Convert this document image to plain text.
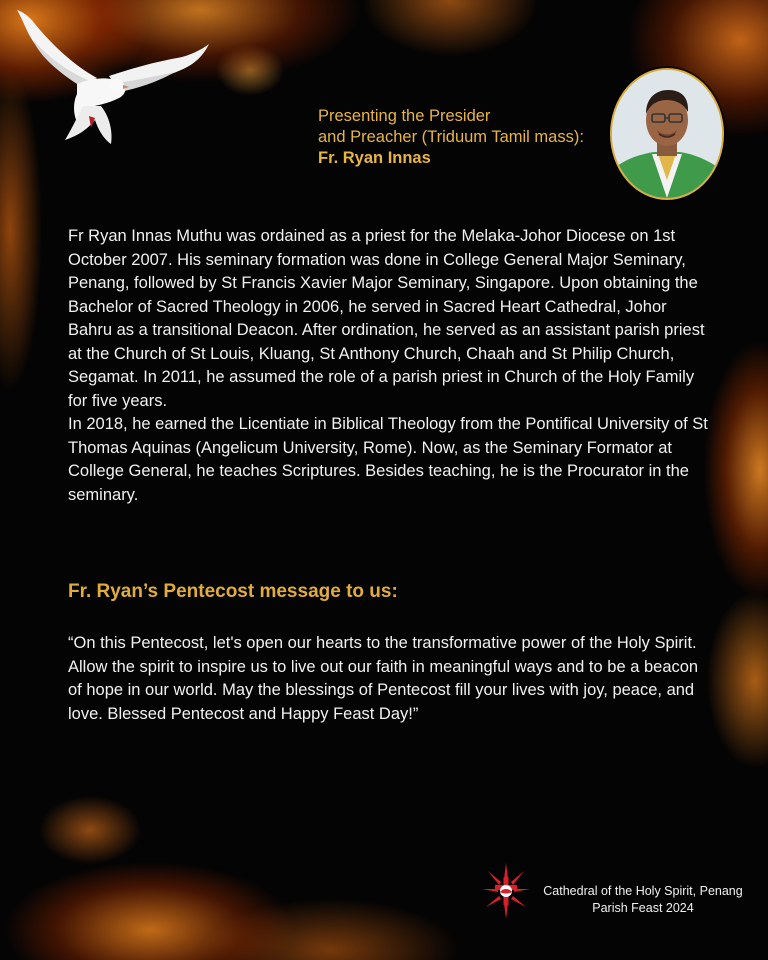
Presenting the Presider
and Preacher (Triduum Tamil mass):
Fr. Ryan Innas

Fr Ryan Innas Muthu was ordained as a priest for the Melaka-Johor Diocese on 1st October 2007. His seminary formation was done in College General Major Seminary, Penang, followed by St Francis Xavier Major Seminary, Singapore. Upon obtaining the Bachelor of Sacred Theology in 2006, he served in Sacred Heart Cathedral, Johor Bahru as a transitional Deacon. After ordination, he served as an assistant parish priest at the Church of St Louis, Kluang, St Anthony Church, Chaah and St Philip Church, Segamat. In 2011, he assumed the role of a parish priest in Church of the Holy Family for five years.

In 2018, he earned the Licentiate in Biblical Theology from the Pontifical University of St Thomas Aquinas (Angelicum University, Rome). Now, as the Seminary Formator at College General, he teaches Scriptures. Besides teaching, he is the Procurator in the seminary.

Fr. Ryan’s Pentecost message to us:
“On this Pentecost, let's open our hearts to the transformative power of the Holy Spirit. Allow the spirit to inspire us to live out our faith in meaningful ways and to be a beacon of hope in our world. May the blessings of Pentecost fill your lives with joy, peace, and love. Blessed Pentecost and Happy Feast Day!”
Cathedral of the Holy Spirit, Penang
Parish Feast 2024
